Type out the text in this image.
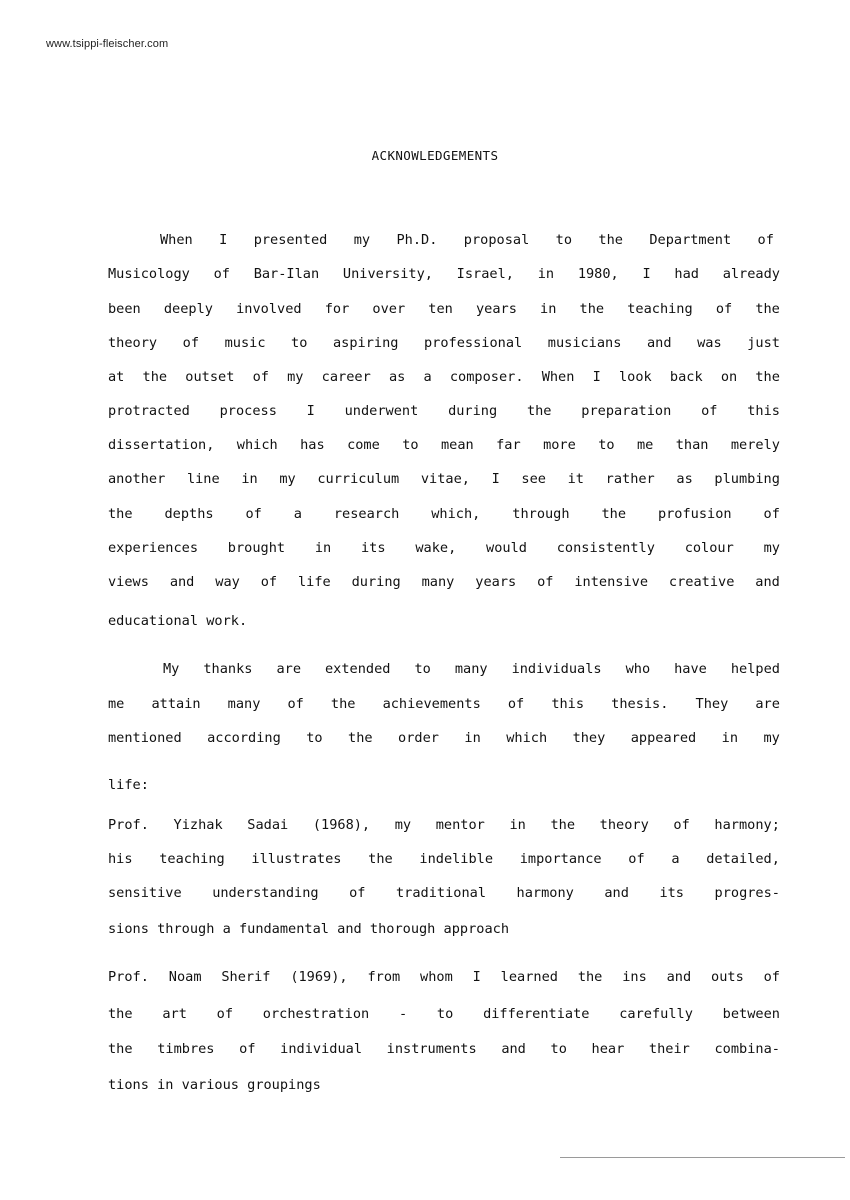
www.tsippi-fleischer.com
ACKNOWLEDGEMENTS
When I presented my Ph.D. proposal to the Department of
Musicology of Bar-Ilan University, Israel, in 1980, I had already
been deeply involved for over ten years in the teaching of the
theory of music to aspiring professional musicians and was just
at the outset of my career as a composer. When I look back on the
protracted process I underwent during the preparation of this
dissertation, which has come to mean far more to me than merely
another line in my curriculum vitae, I see it rather as plumbing
the depths of a research which, through the profusion of
experiences brought in its wake, would consistently colour my
views and way of life during many years of intensive creative and
educational work.
My thanks are extended to many individuals who have helped
me attain many of the achievements of this thesis. They are
mentioned according to the order in which they appeared in my
life:
Prof. Yizhak Sadai (1968), my mentor in the theory of harmony;
his teaching illustrates the indelible importance of a detailed,
sensitive understanding of traditional harmony and its progres-
sions through a fundamental and thorough approach
Prof. Noam Sherif (1969), from whom I learned the ins and outs of
the art of orchestration - to differentiate carefully between
the timbres of individual instruments and to hear their combina-
tions in various groupings
